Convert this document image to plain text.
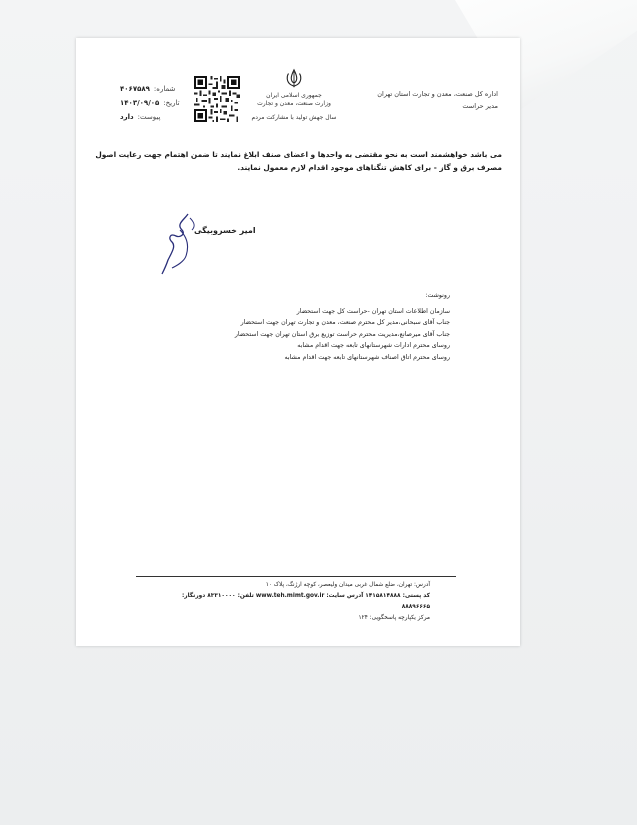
اداره کل صنعت، معدن و تجارت استان تهران
مدیر حراست
جمهوری اسلامی ایران
وزارت صنعت، معدن و تجارت
سال جهش تولید با مشارکت مردم
شماره:
۴۰۶۷۵۸۹
تاریخ:
۱۴۰۳/۰۹/۰۵
پیوست:
دارد
می باشد خواهشمند است به نحو مقتضی به واحدها و اعضای صنف ابلاغ نمایند تا ضمن اهتمام جهت رعایت اصول مصرف برق و گاز - برای کاهش تنگناهای موجود اقدام لازم معمول نمایند.
امیر خسروبیگی
رونوشت:
سازمان اطلاعات استان تهران -حراست کل جهت استحضار
جناب آقای سبحانی،مدیر کل محترم صنعت، معدن و تجارت تهران جهت استحضار
جناب آقای میرصانع،مدیریت محترم حراست توزیع برق استان تهران جهت استحضار
روسای محترم ادارات شهرستانهای تابعه جهت اقدام مشابه
روسای محترم اتاق اصناف شهرستانهای تابعه جهت اقدام مشابه
آدرس: تهران، ضلع شمال غربی میدان ولیعصر، کوچه ارژنگ، پلاک ۱۰
کد پستی: ۱۴۱۵۸۱۴۸۸۸ آدرس سایت: www.teh.mimt.gov.ir تلفن: ۸۳۳۱۰۰۰۰ دورنگار: ۸۸۸۹۶۶۶۵
مرکز یکپارچه پاسخگویی: ۱۲۴
